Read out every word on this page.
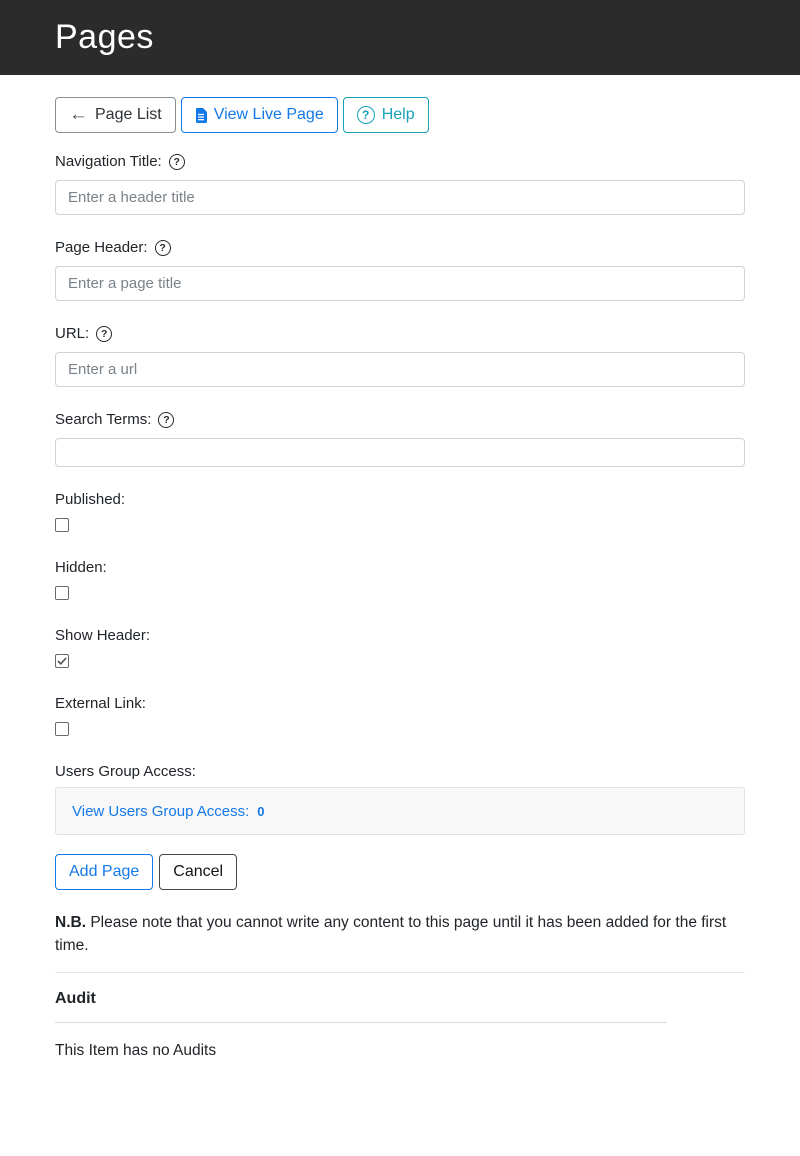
Pages
← Page List	View Live Page	? Help
Navigation Title:	?
Enter a header title
Page Header:	?
Enter a page title
URL:	?
Enter a url
Search Terms:	?
Published:
Hidden:
Show Header:
External Link:
Users Group Access:
View Users Group Access: 0
Add Page	Cancel

N.B. Please note that you cannot write any content to this page until it has been added for the first time.

Audit
This Item has no Audits
